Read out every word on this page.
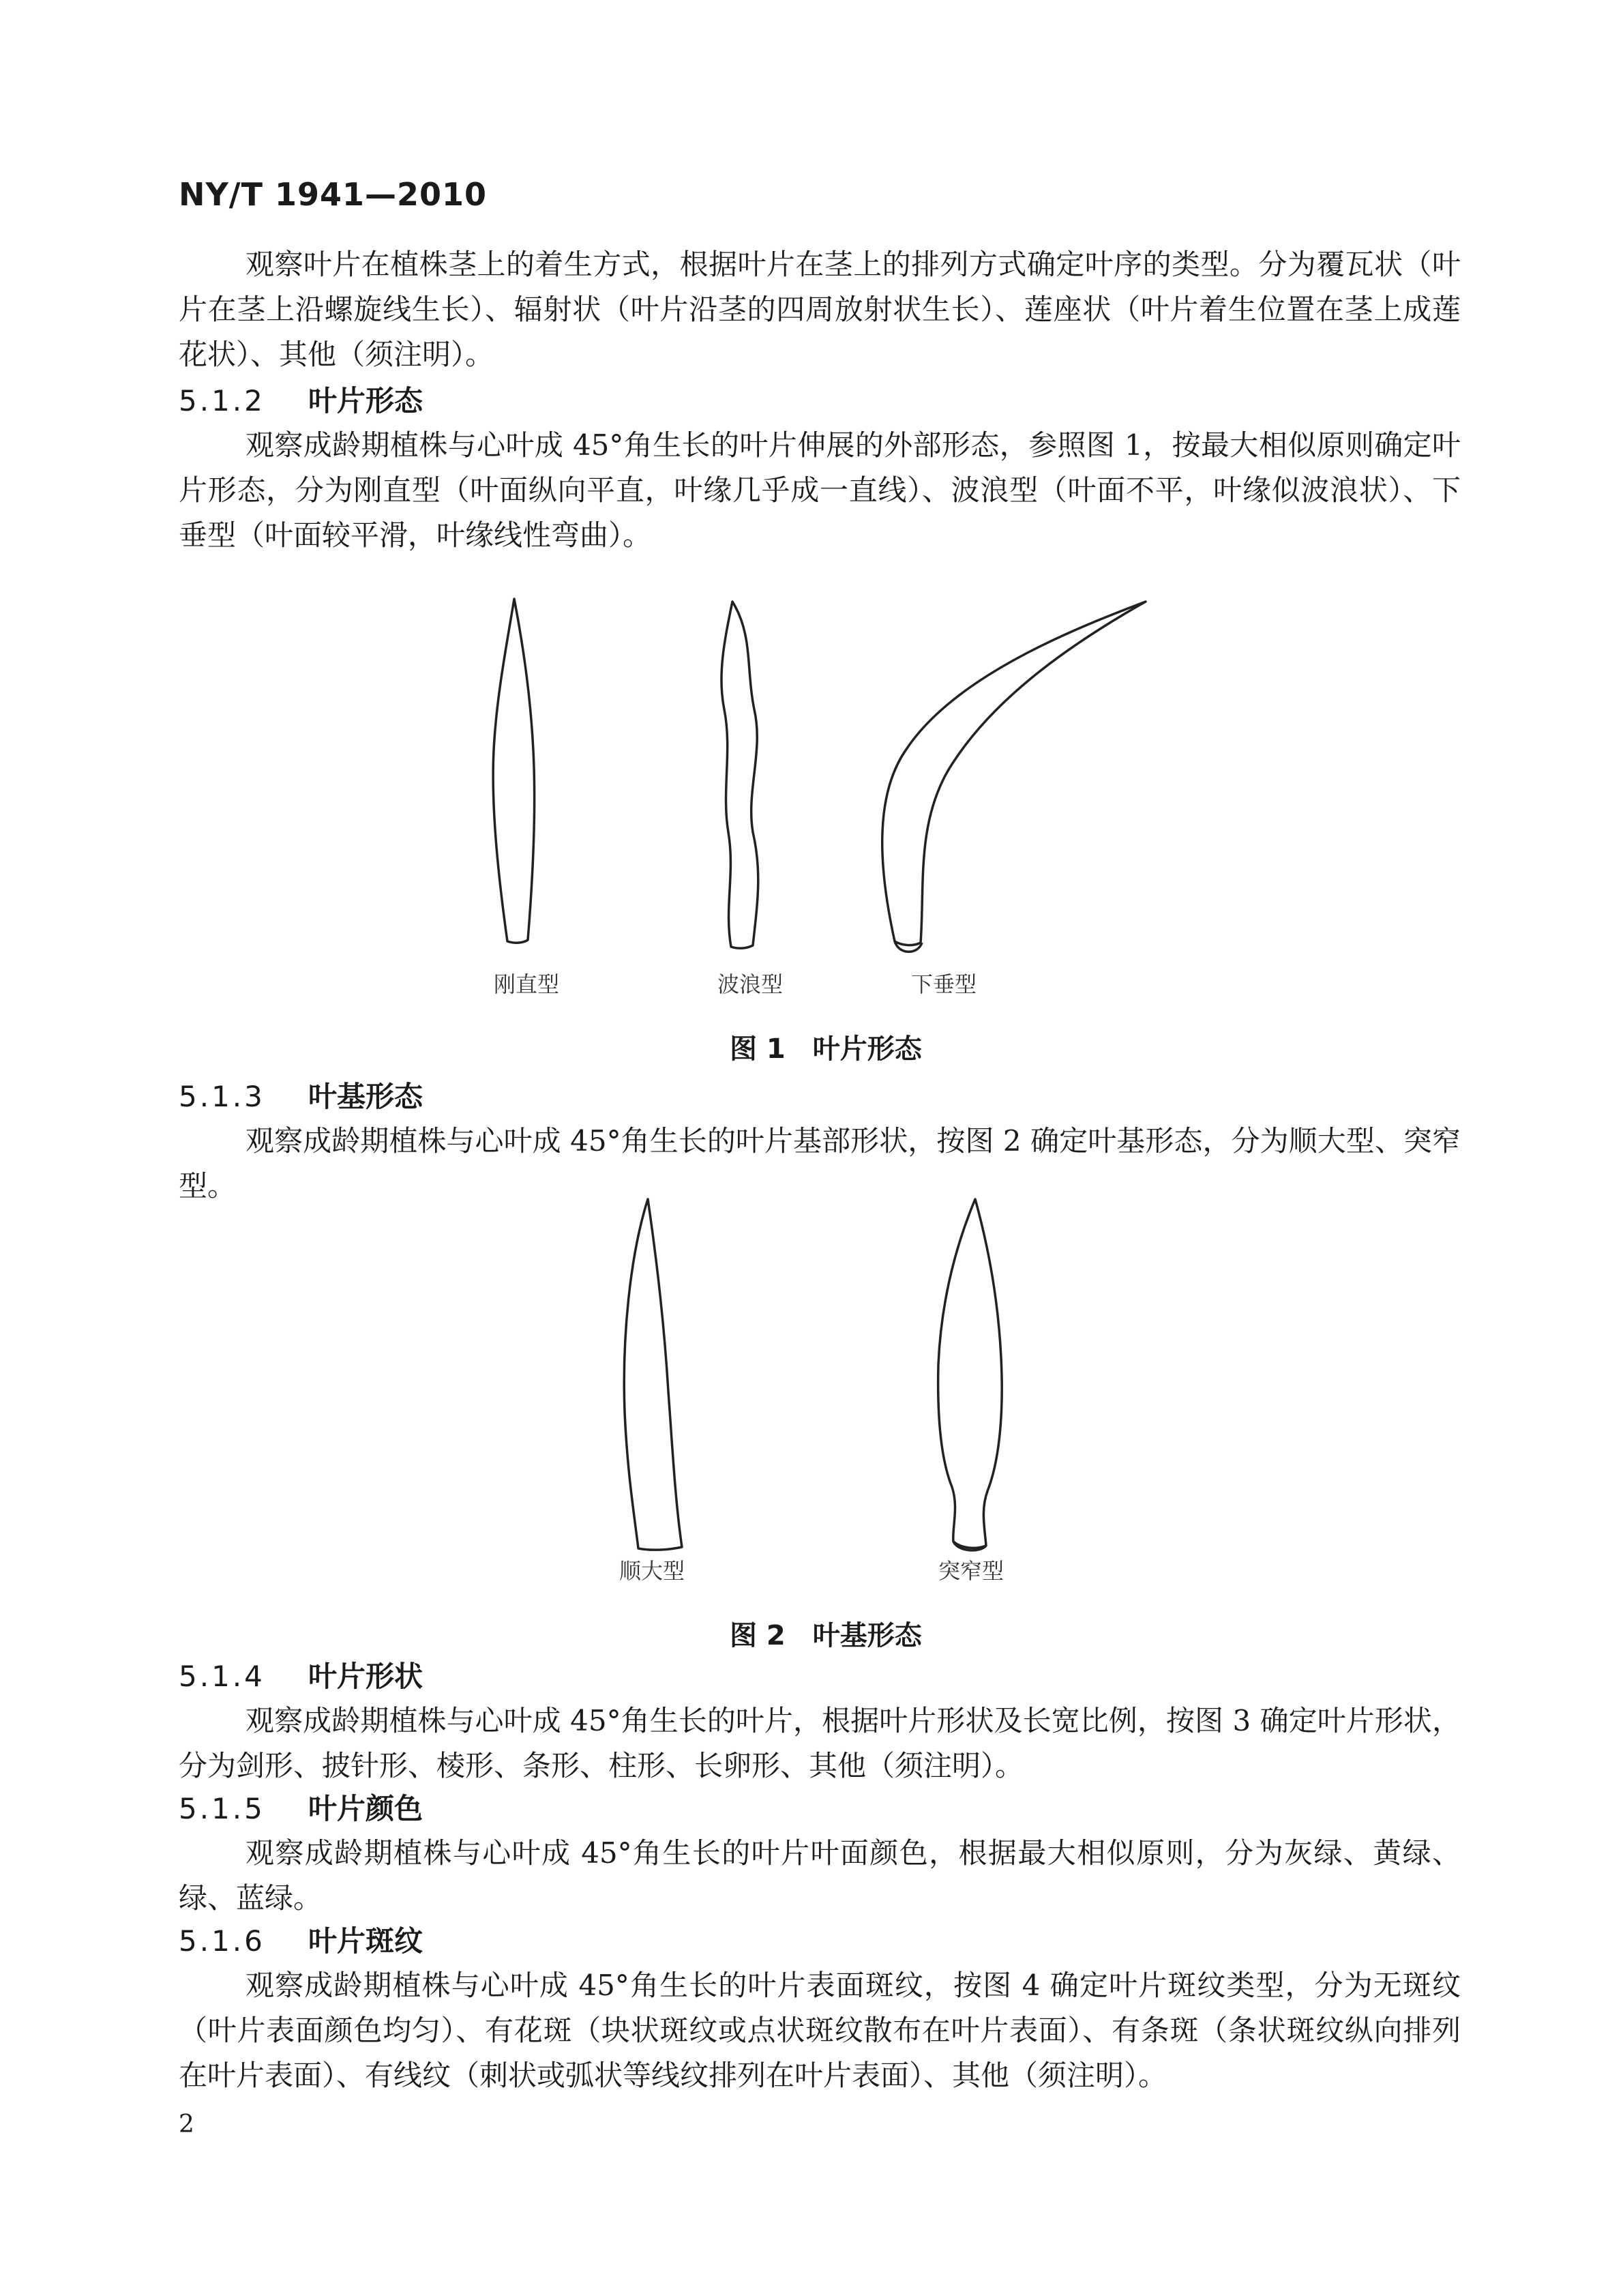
NY/T 1941—2010
观察叶片在植株茎上的着生方式，根据叶片在茎上的排列方式确定叶序的类型。分为覆瓦状（叶片在茎上沿螺旋线生长）、辐射状（叶片沿茎的四周放射状生长）、莲座状（叶片着生位置在茎上成莲花状）、其他（须注明）。
5.1.2 叶片形态
观察成龄期植株与心叶成 45°角生长的叶片伸展的外部形态，参照图 1，按最大相似原则确定叶片形态，分为刚直型（叶面纵向平直，叶缘几乎成一直线）、波浪型（叶面不平，叶缘似波浪状）、下垂型（叶面较平滑，叶缘线性弯曲）。
刚直型	波浪型	下垂型
图 1 叶片形态
5.1.3 叶基形态
观察成龄期植株与心叶成 45°角生长的叶片基部形状，按图 2 确定叶基形态，分为顺大型、突窄型。
顺大型	突窄型
图 2 叶基形态
5.1.4 叶片形状
观察成龄期植株与心叶成 45°角生长的叶片，根据叶片形状及长宽比例，按图 3 确定叶片形状，分为剑形、披针形、棱形、条形、柱形、长卵形、其他（须注明）。
5.1.5 叶片颜色
观察成龄期植株与心叶成 45°角生长的叶片叶面颜色，根据最大相似原则，分为灰绿、黄绿、绿、蓝绿。
5.1.6 叶片斑纹
观察成龄期植株与心叶成 45°角生长的叶片表面斑纹，按图 4 确定叶片斑纹类型，分为无斑纹（叶片表面颜色均匀）、有花斑（块状斑纹或点状斑纹散布在叶片表面）、有条斑（条状斑纹纵向排列在叶片表面）、有线纹（刺状或弧状等线纹排列在叶片表面）、其他（须注明）。
2
